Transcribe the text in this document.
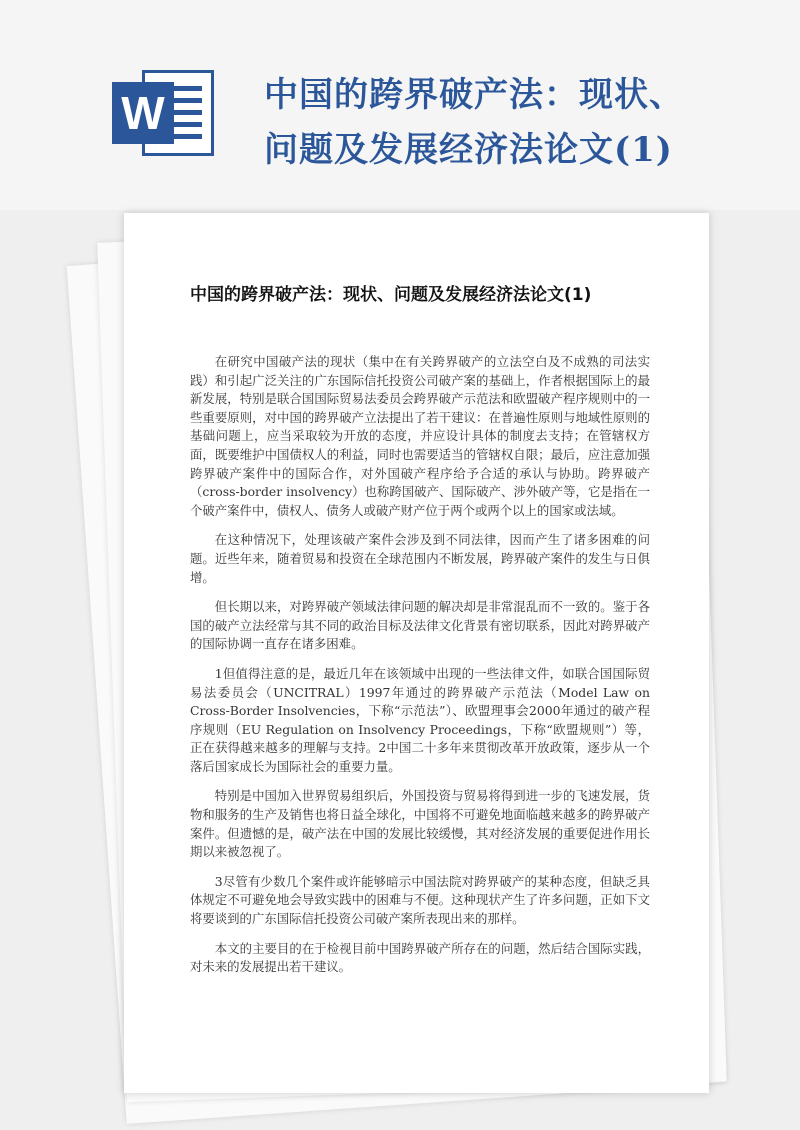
W	中国的跨界破产法：现状、问题及发展经济法论文(1)
中国的跨界破产法：现状、问题及发展经济法论文(1)

在研究中国破产法的现状（集中在有关跨界破产的立法空白及不成熟的司法实践）和引起广泛关注的广东国际信托投资公司破产案的基础上，作者根据国际上的最新发展，特别是联合国国际贸易法委员会跨界破产示范法和欧盟破产程序规则中的一些重要原则，对中国的跨界破产立法提出了若干建议：在普遍性原则与地域性原则的基础问题上，应当采取较为开放的态度，并应设计具体的制度去支持；在管辖权方面，既要维护中国债权人的利益，同时也需要适当的管辖权自限；最后，应注意加强跨界破产案件中的国际合作，对外国破产程序给予合适的承认与协助。跨界破产（cross-border insolvency）也称跨国破产、国际破产、涉外破产等，它是指在一个破产案件中，债权人、债务人或破产财产位于两个或两个以上的国家或法域。

在这种情况下，处理该破产案件会涉及到不同法律，因而产生了诸多困难的问题。近些年来，随着贸易和投资在全球范围内不断发展，跨界破产案件的发生与日俱增。

但长期以来，对跨界破产领域法律问题的解决却是非常混乱而不一致的。鉴于各国的破产立法经常与其不同的政治目标及法律文化背景有密切联系，因此对跨界破产的国际协调一直存在诸多困难。

1但值得注意的是，最近几年在该领域中出现的一些法律文件，如联合国国际贸易法委员会（UNCITRAL）1997年通过的跨界破产示范法（Model Law on Cross-Border Insolvencies，下称“示范法”）、欧盟理事会2000年通过的破产程序规则（EU Regulation on Insolvency Proceedings，下称“欧盟规则”）等，正在获得越来越多的理解与支持。2中国二十多年来贯彻改革开放政策，逐步从一个落后国家成长为国际社会的重要力量。

特别是中国加入世界贸易组织后，外国投资与贸易将得到进一步的飞速发展，货物和服务的生产及销售也将日益全球化，中国将不可避免地面临越来越多的跨界破产案件。但遗憾的是，破产法在中国的发展比较缓慢，其对经济发展的重要促进作用长期以来被忽视了。

3尽管有少数几个案件或许能够暗示中国法院对跨界破产的某种态度，但缺乏具体规定不可避免地会导致实践中的困难与不便。这种现状产生了许多问题，正如下文将要谈到的广东国际信托投资公司破产案所表现出来的那样。

本文的主要目的在于检视目前中国跨界破产所存在的问题，然后结合国际实践，对未来的发展提出若干建议。
